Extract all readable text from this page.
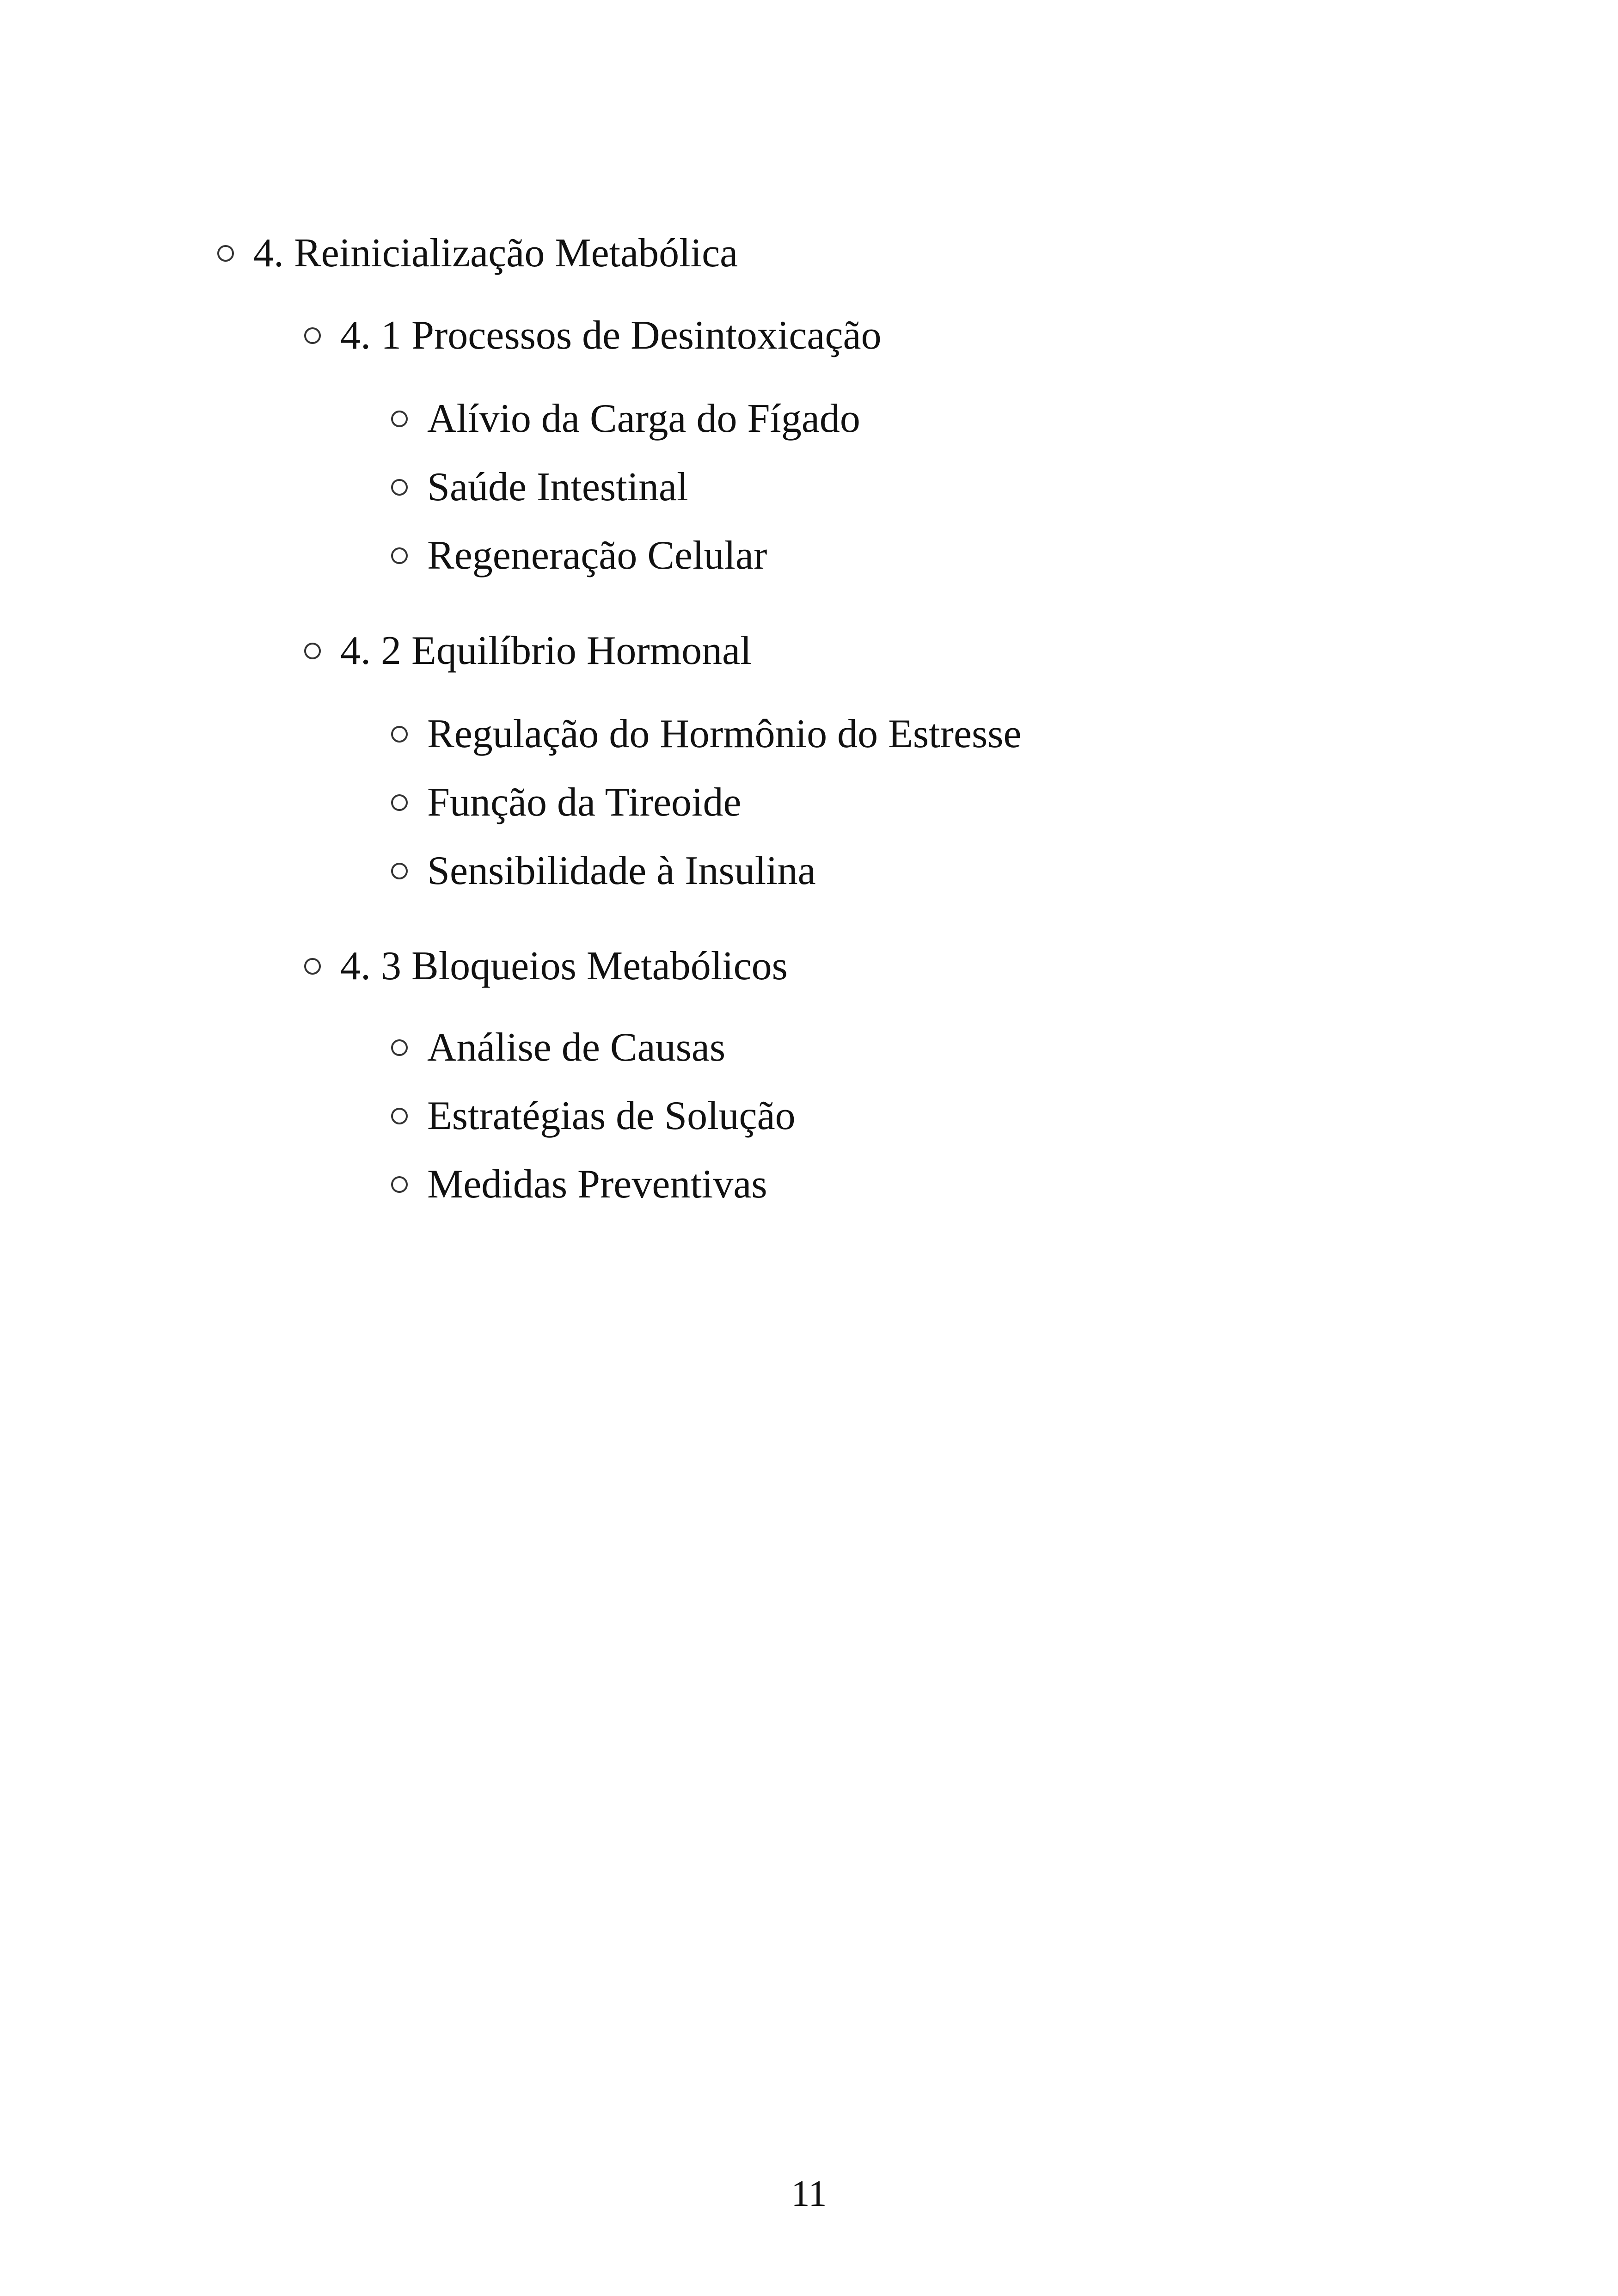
4. Reinicialização Metabólica
4. 1 Processos de Desintoxicação
Alívio da Carga do Fígado
Saúde Intestinal
Regeneração Celular
4. 2 Equilíbrio Hormonal
Regulação do Hormônio do Estresse
Função da Tireoide
Sensibilidade à Insulina
4. 3 Bloqueios Metabólicos
Análise de Causas
Estratégias de Solução
Medidas Preventivas
11
